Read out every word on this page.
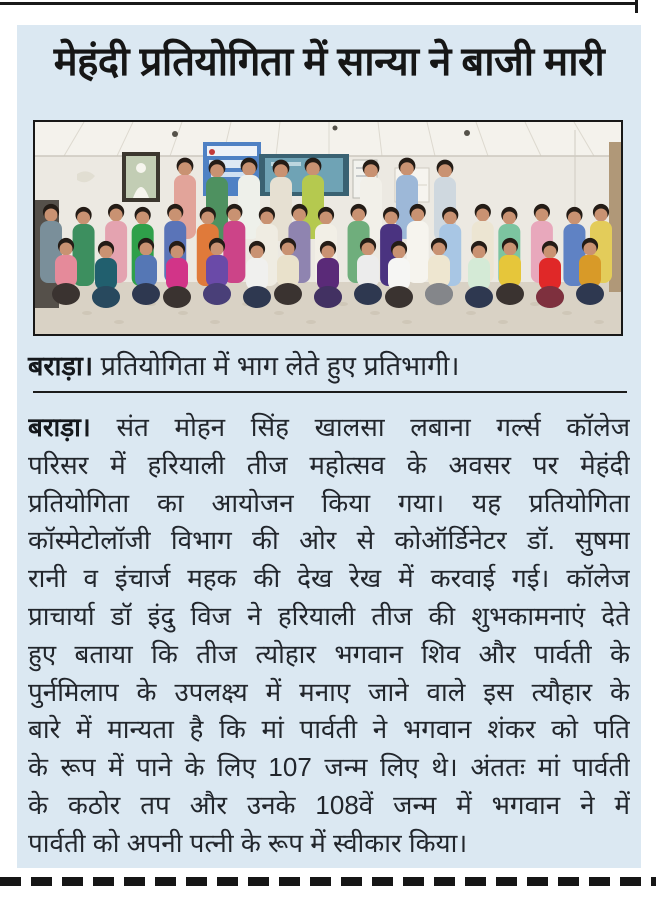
मेहंदी प्रतियोगिता में सान्या ने बाजी मारी
बराड़ा। प्रतियोगिता में भाग लेते हुए प्रतिभागी।
बराड़ा। संत मोहन सिंह खालसा लबाना गर्ल्स कॉलेज
परिसर में हरियाली तीज महोत्सव के अवसर पर मेहंदी
प्रतियोगिता का आयोजन किया गया। यह प्रतियोगिता
कॉस्मेटोलॉजी विभाग की ओर से कोऑर्डिनेटर डॉ. सुषमा
रानी व इंचार्ज महक की देख रेख में करवाई गई। कॉलेज
प्राचार्या डॉ इंदु विज ने हरियाली तीज की शुभकामनाएं देते
हुए बताया कि तीज त्योहार भगवान शिव और पार्वती के
पुर्नमिलाप के उपलक्ष्य में मनाए जाने वाले इस त्यौहार के
बारे में मान्यता है कि मां पार्वती ने भगवान शंकर को पति
के रूप में पाने के लिए 107 जन्म लिए थे। अंततः मां पार्वती
के कठोर तप और उनके 108वें जन्म में भगवान ने में
पार्वती को अपनी पत्नी के रूप में स्वीकार किया।
